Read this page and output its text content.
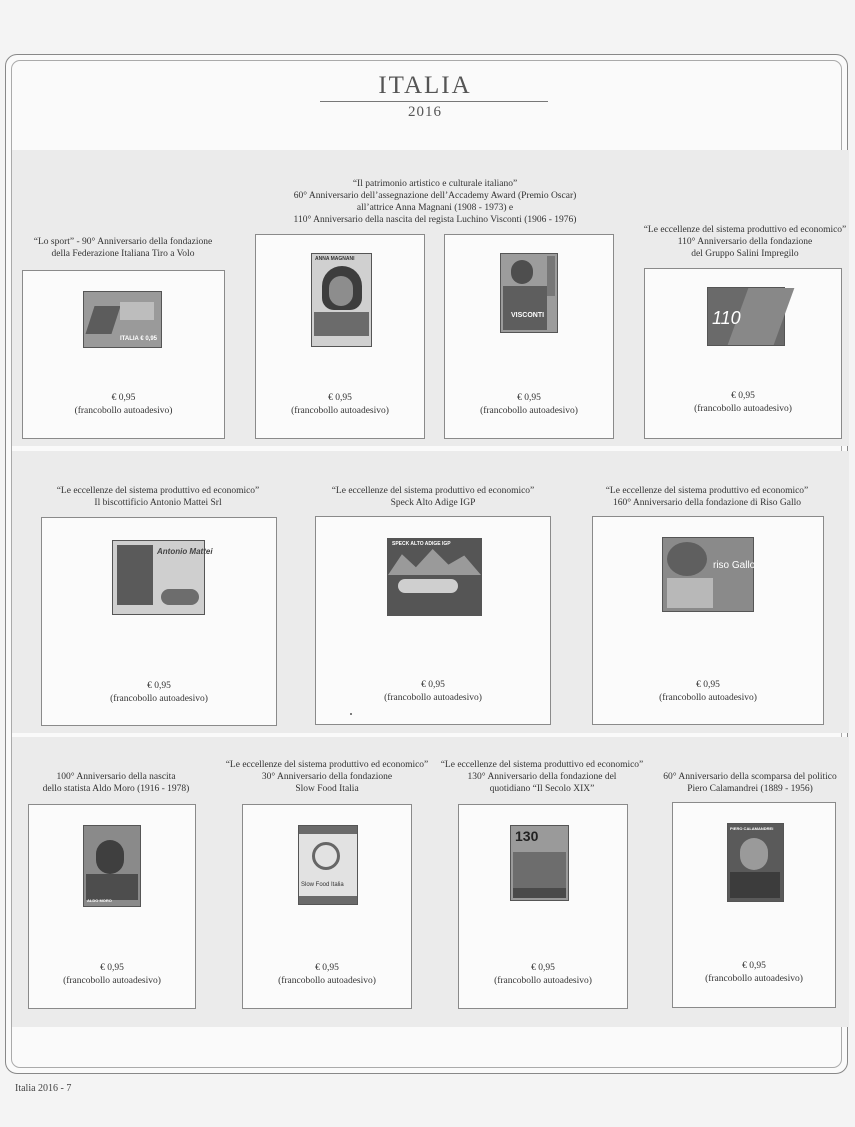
ITALIA
2016
“Il patrimonio artistico e culturale italiano”
60° Anniversario dell’assegnazione dell’Accademy Award (Premio Oscar)
all’attrice Anna Magnani (1908 - 1973) e
110° Anniversario della nascita del regista Luchino Visconti (1906 - 1976)
“Lo sport” - 90° Anniversario della fondazione
della Federazione Italiana Tiro a Volo
ITALIA € 0,95
€ 0,95
(francobollo autoadesivo)
ANNA MAGNANI
€ 0,95
(francobollo autoadesivo)
VISCONTI
€ 0,95
(francobollo autoadesivo)
“Le eccellenze del sistema produttivo ed economico”
110° Anniversario della fondazione
del Gruppo Salini Impregilo
110
€ 0,95
(francobollo autoadesivo)
“Le eccellenze del sistema produttivo ed economico”
Il biscottificio Antonio Mattei Srl
Antonio Mattei
€ 0,95
(francobollo autoadesivo)
“Le eccellenze del sistema produttivo ed economico”
Speck Alto Adige IGP
SPECK ALTO ADIGE IGP
€ 0,95
(francobollo autoadesivo)
“Le eccellenze del sistema produttivo ed economico”
160° Anniversario della fondazione di Riso Gallo
riso Gallo
€ 0,95
(francobollo autoadesivo)
100° Anniversario della nascita
dello statista Aldo Moro (1916 - 1978)
ALDO MORO
€ 0,95
(francobollo autoadesivo)
“Le eccellenze del sistema produttivo ed economico”
30° Anniversario della fondazione
Slow Food Italia
Slow Food Italia
€ 0,95
(francobollo autoadesivo)
“Le eccellenze del sistema produttivo ed economico”
130° Anniversario della fondazione del
quotidiano “Il Secolo XIX”
130
€ 0,95
(francobollo autoadesivo)
60° Anniversario della scomparsa del politico
Piero Calamandrei (1889 - 1956)
PIERO CALAMANDREI
€ 0,95
(francobollo autoadesivo)
Italia 2016 - 7
